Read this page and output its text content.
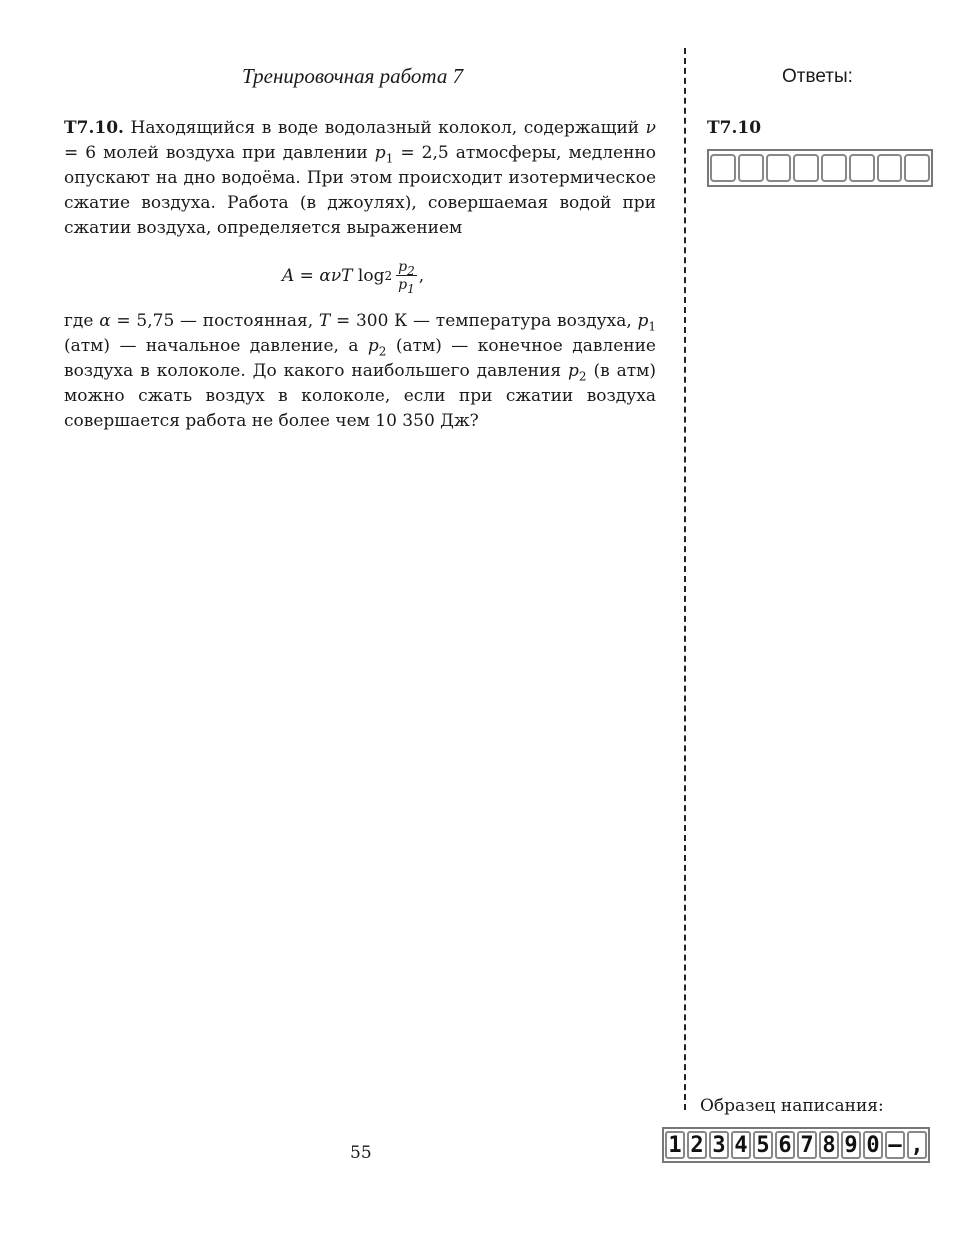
Тренировочная работа 7	Ответы:
Т7.10. Находящийся в воде водолазный колокол, содержащий ν = 6 молей воздуха при давлении $p_1 = 2,5$ атмосферы, медленно опускают на дно водоёма. При этом происходит изотермическое сжатие воздуха. Работа (в джоулях), совершаемая водой при сжатии воздуха, определяется выражением
A = ανT $\log 2 \frac{p_2}{p_1}$ ,
где α = 5,75 — постоянная, T = 300 К — температура воздуха, $p_1$ (атм) — начальное давление, а $p_2$ (атм) — конечное давление воздуха в колоколе. До какого наибольшего давления $p_2$ (в атм) можно сжать воздух в колоколе, если при сжатии воздуха совершается работа не более чем 10 350 Дж?
Т7.10
Образец написания:
1 2 3 4 5 6 7 8 9 0 – ,
55
